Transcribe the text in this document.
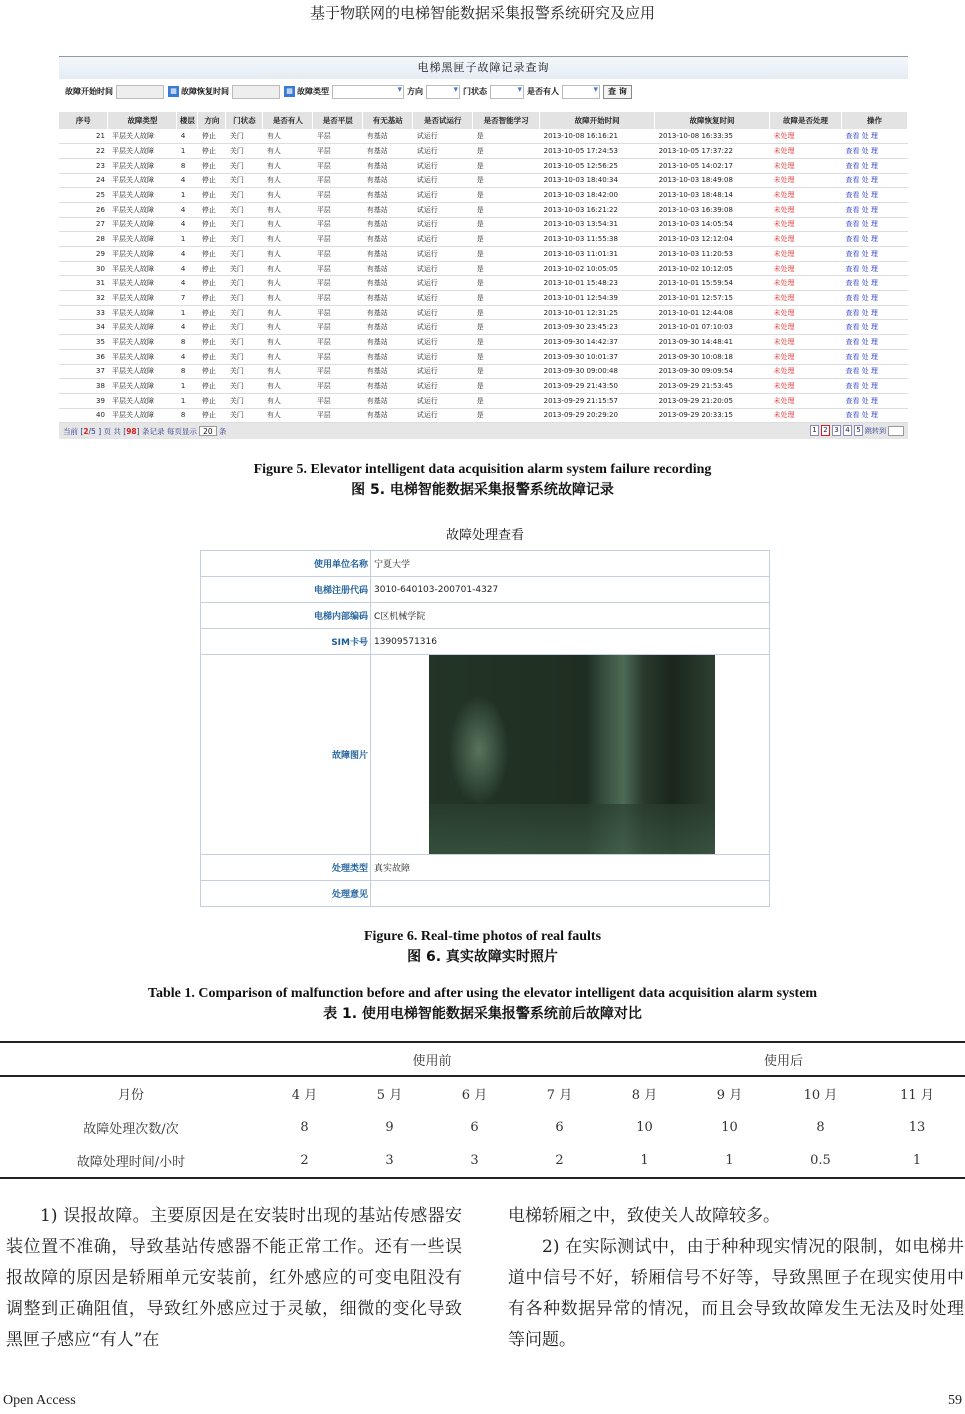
基于物联网的电梯智能数据采集报警系统研究及应用
电梯黑匣子故障记录查询
故障开始时间	▦ 故障恢复时间	▦ 故障类型 ▾	方向 ▾	门状态 ▾	是否有人 ▾	查 询
序号	故障类型	楼层	方向	门状态	是否有人	是否平层	有无基站	是否试运行	是否智能学习	故障开始时间	故障恢复时间	故障是否处理	操作
21	平层关人故障	4	停止	关门	有人	平层	有基站	试运行	是	2013-10-08 16:16:21	2013-10-08 16:33:35	未处理	查看 处 理
22	平层关人故障	1	停止	关门	有人	平层	有基站	试运行	是	2013-10-05 17:24:53	2013-10-05 17:37:22	未处理	查看 处 理
23	平层关人故障	8	停止	关门	有人	平层	有基站	试运行	是	2013-10-05 12:56:25	2013-10-05 14:02:17	未处理	查看 处 理
24	平层关人故障	4	停止	关门	有人	平层	有基站	试运行	是	2013-10-03 18:40:34	2013-10-03 18:49:08	未处理	查看 处 理
25	平层关人故障	1	停止	关门	有人	平层	有基站	试运行	是	2013-10-03 18:42:00	2013-10-03 18:48:14	未处理	查看 处 理
26	平层关人故障	4	停止	关门	有人	平层	有基站	试运行	是	2013-10-03 16:21:22	2013-10-03 16:39:08	未处理	查看 处 理
27	平层关人故障	4	停止	关门	有人	平层	有基站	试运行	是	2013-10-03 13:54:31	2013-10-03 14:05:54	未处理	查看 处 理
28	平层关人故障	1	停止	关门	有人	平层	有基站	试运行	是	2013-10-03 11:55:38	2013-10-03 12:12:04	未处理	查看 处 理
29	平层关人故障	4	停止	关门	有人	平层	有基站	试运行	是	2013-10-03 11:01:31	2013-10-03 11:20:53	未处理	查看 处 理
30	平层关人故障	4	停止	关门	有人	平层	有基站	试运行	是	2013-10-02 10:05:05	2013-10-02 10:12:05	未处理	查看 处 理
31	平层关人故障	4	停止	关门	有人	平层	有基站	试运行	是	2013-10-01 15:48:23	2013-10-01 15:59:54	未处理	查看 处 理
32	平层关人故障	7	停止	关门	有人	平层	有基站	试运行	是	2013-10-01 12:54:39	2013-10-01 12:57:15	未处理	查看 处 理
33	平层关人故障	1	停止	关门	有人	平层	有基站	试运行	是	2013-10-01 12:31:25	2013-10-01 12:44:08	未处理	查看 处 理
34	平层关人故障	4	停止	关门	有人	平层	有基站	试运行	是	2013-09-30 23:45:23	2013-10-01 07:10:03	未处理	查看 处 理
35	平层关人故障	8	停止	关门	有人	平层	有基站	试运行	是	2013-09-30 14:42:37	2013-09-30 14:48:41	未处理	查看 处 理
36	平层关人故障	4	停止	关门	有人	平层	有基站	试运行	是	2013-09-30 10:01:37	2013-09-30 10:08:18	未处理	查看 处 理
37	平层关人故障	8	停止	关门	有人	平层	有基站	试运行	是	2013-09-30 09:00:48	2013-09-30 09:09:54	未处理	查看 处 理
38	平层关人故障	1	停止	关门	有人	平层	有基站	试运行	是	2013-09-29 21:43:50	2013-09-29 21:53:45	未处理	查看 处 理
39	平层关人故障	1	停止	关门	有人	平层	有基站	试运行	是	2013-09-29 21:15:57	2013-09-29 21:20:05	未处理	查看 处 理
40	平层关人故障	8	停止	关门	有人	平层	有基站	试运行	是	2013-09-29 20:29:20	2013-09-29 20:33:15	未处理	查看 处 理
当前 [ 2 /5 ] 页 共 [ 98 ] 条记录 每页显示 20 条	1 2 3 4 5 跳转到
Figure 5. Elevator intelligent data acquisition alarm system failure recording
图 5. 电梯智能数据采集报警系统故障记录
故障处理查看
使用单位名称	宁夏大学
电梯注册代码	3010-640103-200701-4327
电梯内部编码	C区机械学院
SIM卡号	13909571316
故障图片	

处理类型	真实故障
处理意见	
Figure 6. Real-time photos of real faults
图 6. 真实故障实时照片
Table 1. Comparison of malfunction before and after using the elevator intelligent data acquisition alarm system
表 1. 使用电梯智能数据采集报警系统前后故障对比
	使用前				使用后			
月份	4 月	5 月	6 月	7 月	8 月	9 月	10 月	11 月
故障处理次数/次	8	9	6	6	10	10	8	13
故障处理时间/小时	2	3	3	2	1	1	0.5	1

1) 误报故障。主要原因是在安装时出现的基站传感器安装位置不准确，导致基站传感器不能正常工作。还有一些误报故障的原因是轿厢单元安装前，红外感应的可变电阻没有调整到正确阻值，导致红外感应过于灵敏，细微的变化导致黑匣子感应“有人”在

电梯轿厢之中，致使关人故障较多。

2) 在实际测试中，由于种种现实情况的限制，如电梯井道中信号不好，轿厢信号不好等，导致黑匣子在现实使用中有各种数据异常的情况，而且会导致故障发生无法及时处理等问题。

Open Access	59
